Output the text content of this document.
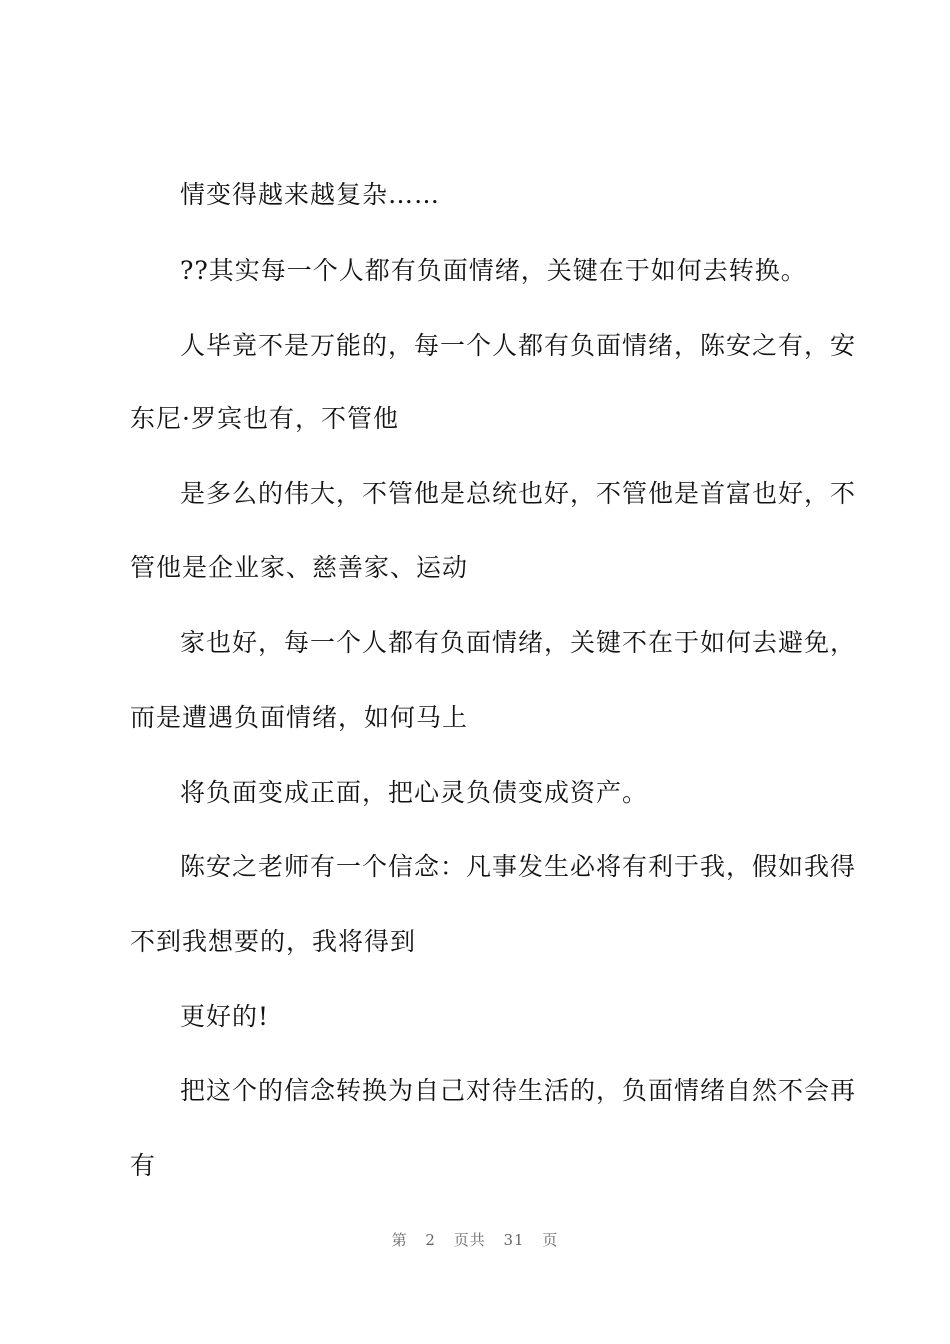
情变得越来越复杂……
??其实每一个人都有负面情绪，关键在于如何去转换。
人毕竟不是万能的，每一个人都有负面情绪，陈安之有，安
东尼·罗宾也有，不管他
是多么的伟大，不管他是总统也好，不管他是首富也好，不
管他是企业家、慈善家、运动
家也好，每一个人都有负面情绪，关键不在于如何去避免，
而是遭遇负面情绪，如何马上
将负面变成正面，把心灵负债变成资产。
陈安之老师有一个信念：凡事发生必将有利于我，假如我得
不到我想要的，我将得到
更好的!
把这个的信念转换为自己对待生活的，负面情绪自然不会再
有
第 2 页共 31 页
